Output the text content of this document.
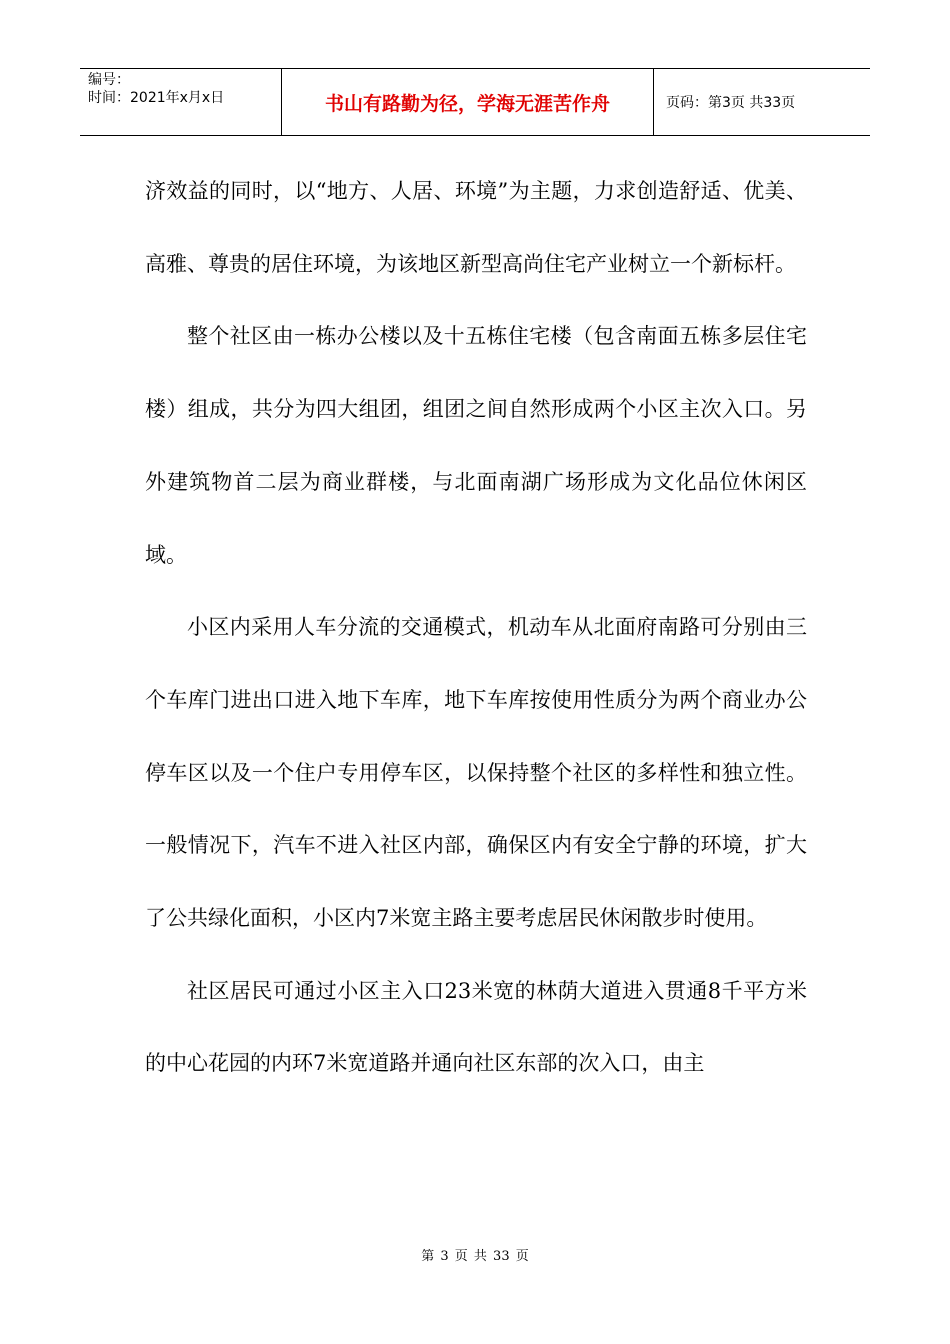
编号：
时间：2021年x月x日	书山有路勤为径，学海无涯苦作舟	页码：第3页 共33页

济效益的同时，以“地方、人居、环境”为主题，力求创造舒适、优美、高雅、尊贵的居住环境，为该地区新型高尚住宅产业树立一个新标杆。

整个社区由一栋办公楼以及十五栋住宅楼（包含南面五栋多层住宅楼）组成，共分为四大组团，组团之间自然形成两个小区主次入口。另外建筑物首二层为商业群楼，与北面南湖广场形成为文化品位休闲区域。

小区内采用人车分流的交通模式，机动车从北面府南路可分别由三个车库门进出口进入地下车库，地下车库按使用性质分为两个商业办公停车区以及一个住户专用停车区，以保持整个社区的多样性和独立性。一般情况下，汽车不进入社区内部，确保区内有安全宁静的环境，扩大了公共绿化面积，小区内7米宽主路主要考虑居民休闲散步时使用。

社区居民可通过小区主入口23米宽的林荫大道进入贯通8千平方米的中心花园的内环7米宽道路并通向社区东部的次入口，由主

第 3 页 共 33 页
